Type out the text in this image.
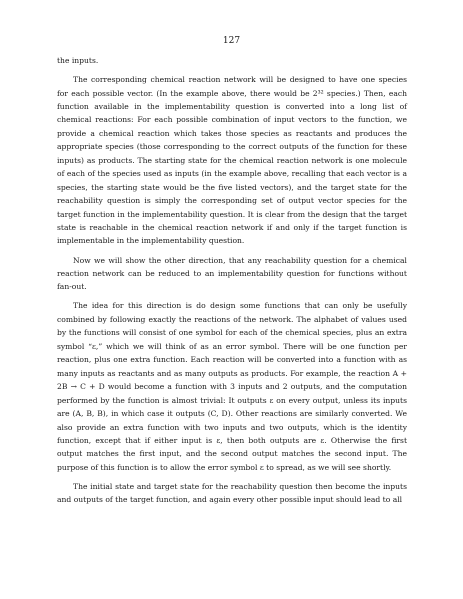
127

the inputs.

The corresponding chemical reaction network will be designed to have one species for each possible vector. (In the example above, there would be 2³² species.) Then, each function available in the implementability question is converted into a long list of chemical reactions: For each possible combination of input vectors to the function, we provide a chemical reaction which takes those species as reactants and produces the appropriate species (those corresponding to the correct outputs of the function for these inputs) as products. The starting state for the chemical reaction network is one molecule of each of the species used as inputs (in the example above, recalling that each vector is a species, the starting state would be the five listed vectors), and the target state for the reachability question is simply the corresponding set of output vector species for the target function in the implementability question. It is clear from the design that the target state is reachable in the chemical reaction network if and only if the target function is implementable in the implementability question.

Now we will show the other direction, that any reachability question for a chemical reaction network can be reduced to an implementability question for functions without fan-out.

The idea for this direction is do design some functions that can only be usefully combined by following exactly the reactions of the network. The alphabet of values used by the functions will consist of one symbol for each of the chemical species, plus an extra symbol “ε,” which we will think of as an error symbol. There will be one function per reaction, plus one extra function. Each reaction will be converted into a function with as many inputs as reactants and as many outputs as products. For example, the reaction A + 2B → C + D would become a function with 3 inputs and 2 outputs, and the computation performed by the function is almost trivial: It outputs ε on every output, unless its inputs are (A, B, B), in which case it outputs (C, D). Other reactions are similarly converted. We also provide an extra function with two inputs and two outputs, which is the identity function, except that if either input is ε, then both outputs are ε. Otherwise the first output matches the first input, and the second output matches the second input. The purpose of this function is to allow the error symbol ε to spread, as we will see shortly.

The initial state and target state for the reachability question then become the inputs and outputs of the target function, and again every other possible input should lead to all
